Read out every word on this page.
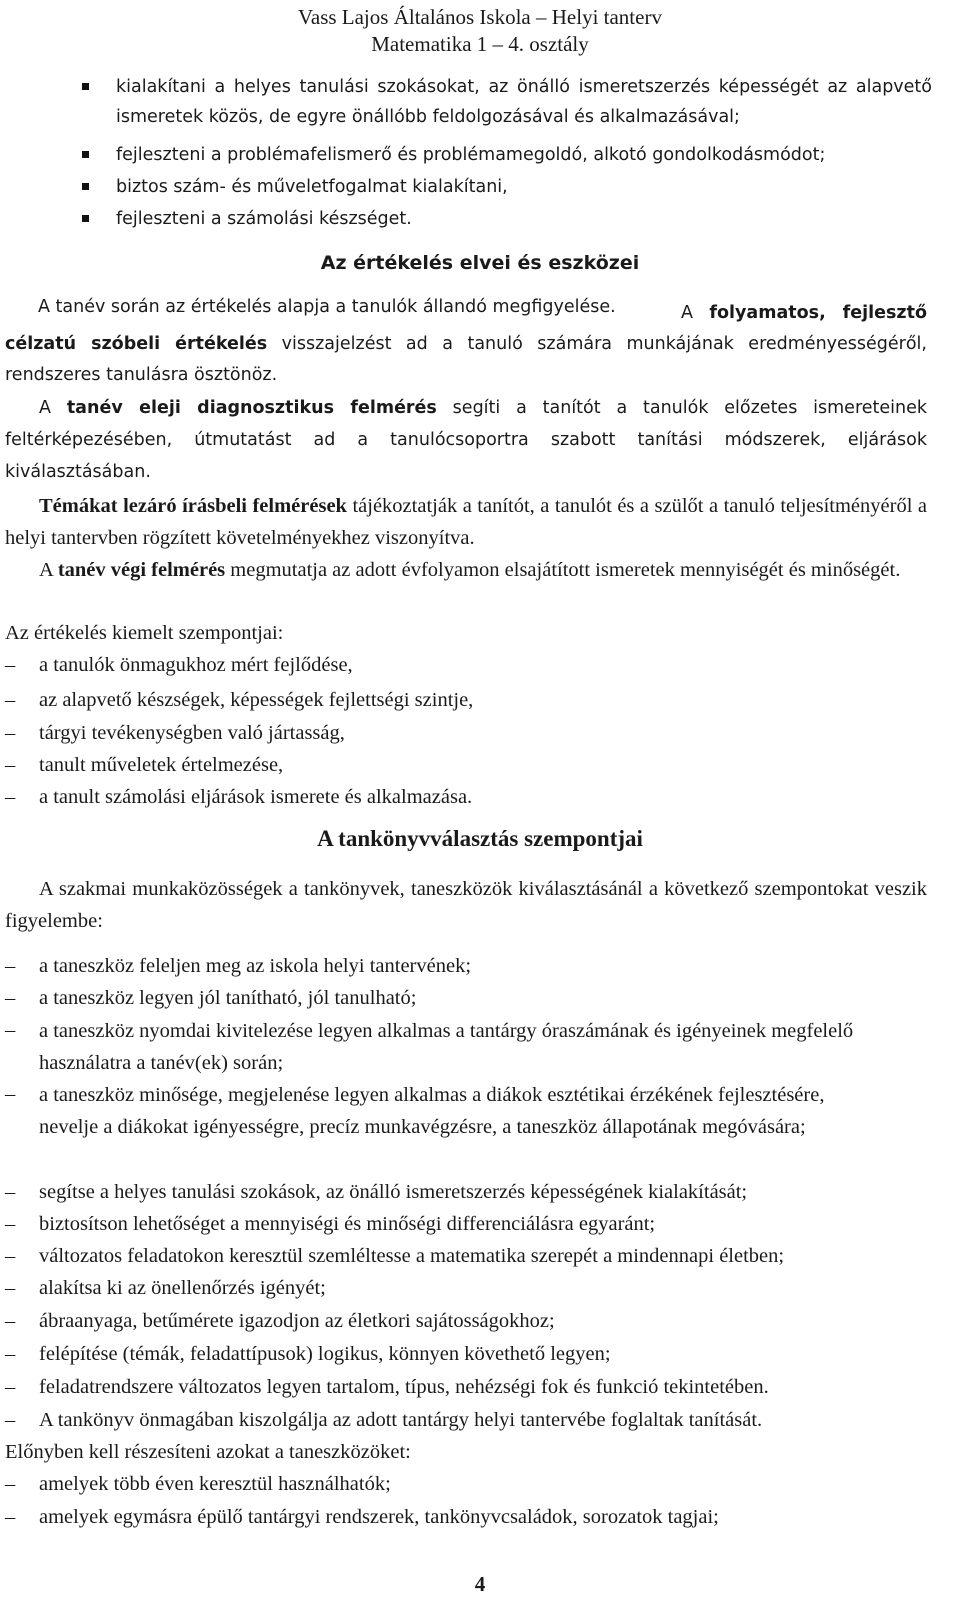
Vass Lajos Általános Iskola – Helyi tanterv
Matematika 1 – 4. osztály
kialakítani a helyes tanulási szokásokat, az önálló ismeretszerzés képességét az alapvető ismeretek közös, de egyre önállóbb feldolgozásával és alkalmazásával;
fejleszteni a problémafelismerő és problémamegoldó, alkotó gondolkodásmódot;
biztos szám- és műveletfogalmat kialakítani,
fejleszteni a számolási készséget.
Az értékelés elvei és eszközei
A tanév során az értékelés alapja a tanulók állandó megfigyelése.	A folyamatos, fejlesztő célzatú szóbeli értékelés visszajelzést ad a tanuló számára munkájának eredményességéről, rendszeres tanulásra ösztönöz.
A tanév eleji diagnosztikus felmérés segíti a tanítót a tanulók előzetes ismereteinek feltérképezésében, útmutatást ad a tanulócsoportra szabott tanítási módszerek, eljárások kiválasztásában.
Témákat lezáró írásbeli felmérések tájékoztatják a tanítót, a tanulót és a szülőt a tanuló teljesítményéről a helyi tantervben rögzített követelményekhez viszonyítva.
A tanév végi felmérés megmutatja az adott évfolyamon elsajátított ismeretek mennyiségét és minőségét.
Az értékelés kiemelt szempontjai:
– a tanulók önmagukhoz mért fejlődése,
– az alapvető készségek, képességek fejlettségi szintje,
– tárgyi tevékenységben való jártasság,
– tanult műveletek értelmezése,
– a tanult számolási eljárások ismerete és alkalmazása.
A tankönyvválasztás szempontjai
A szakmai munkaközösségek a tankönyvek, taneszközök kiválasztásánál a következő szempontokat veszik figyelembe:
– a taneszköz feleljen meg az iskola helyi tantervének;
– a taneszköz legyen jól tanítható, jól tanulható;
– a taneszköz nyomdai kivitelezése legyen alkalmas a tantárgy óraszámának és igényeinek megfelelő használatra a tanév(ek) során;
– a taneszköz minősége, megjelenése legyen alkalmas a diákok esztétikai érzékének fejlesztésére, nevelje a diákokat igényességre, precíz munkavégzésre, a taneszköz állapotának megóvására;
– segítse a helyes tanulási szokások, az önálló ismeretszerzés képességének kialakítását;
– biztosítson lehetőséget a mennyiségi és minőségi differenciálásra egyaránt;
– változatos feladatokon keresztül szemléltesse a matematika szerepét a mindennapi életben;
– alakítsa ki az önellenőrzés igényét;
– ábraanyaga, betűmérete igazodjon az életkori sajátosságokhoz;
– felépítése (témák, feladattípusok) logikus, könnyen követhető legyen;
– feladatrendszere változatos legyen tartalom, típus, nehézségi fok és funkció tekintetében.
– A tankönyv önmagában kiszolgálja az adott tantárgy helyi tantervébe foglaltak tanítását.
Előnyben kell részesíteni azokat a taneszközöket:
– amelyek több éven keresztül használhatók;
– amelyek egymásra épülő tantárgyi rendszerek, tankönyvcsaládok, sorozatok tagjai;
4
